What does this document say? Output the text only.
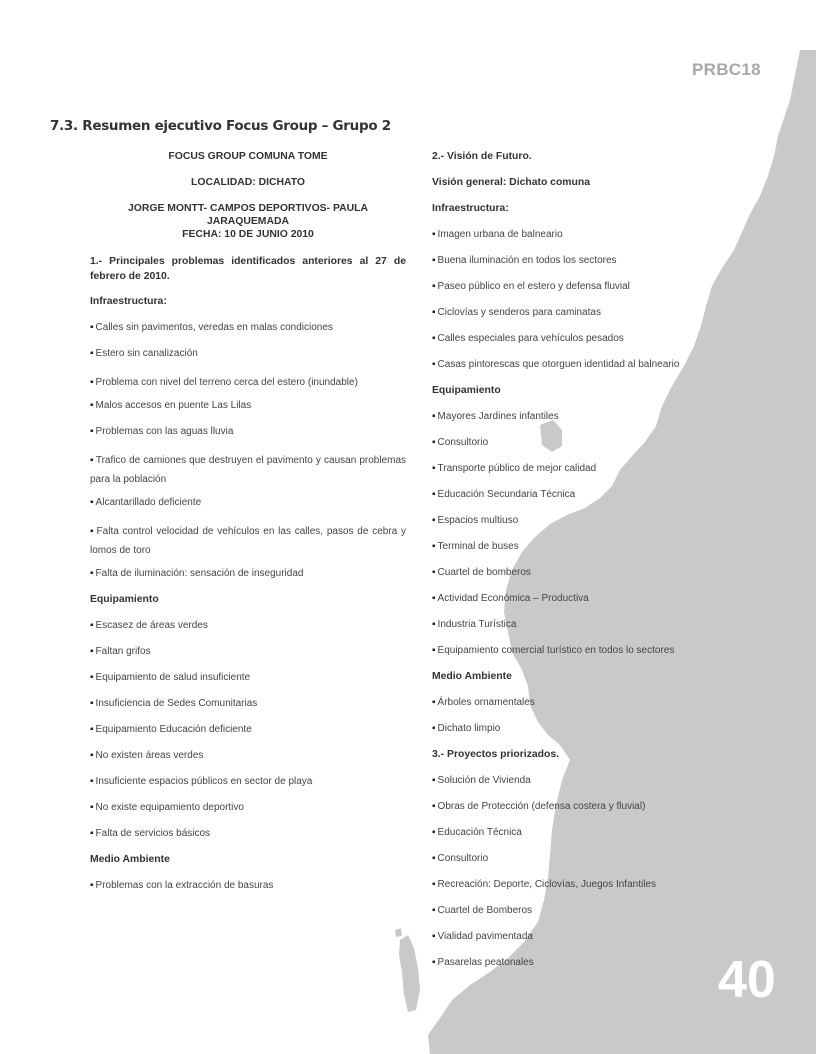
PRBC18
40
7.3. Resumen ejecutivo Focus Group – Grupo 2
FOCUS GROUP COMUNA TOME
LOCALIDAD: DICHATO
JORGE MONTT- CAMPOS DEPORTIVOS- PAULA JARAQUEMADA
FECHA: 10 DE JUNIO 2010
1.- Principales problemas identificados anteriores al 27 de febrero de 2010.
Infraestructura:
▪ Calles sin pavimentos, veredas en malas condiciones
▪ Estero sin canalización
▪ Problema con nivel del terreno cerca del estero (inundable)
▪ Malos accesos en puente Las Lilas
▪ Problemas con las aguas lluvia
▪ Trafico de camiones que destruyen el pavimento y causan problemas para la población
▪ Alcantarillado deficiente
▪ Falta control velocidad de vehículos en las calles, pasos de cebra y lomos de toro
▪ Falta de iluminación: sensación de inseguridad
Equipamiento
▪ Escasez de áreas verdes
▪ Faltan grifos
▪ Equipamiento de salud insuficiente
▪ Insuficiencia de Sedes Comunitarias
▪ Equipamiento Educación deficiente
▪ No existen áreas verdes
▪ Insuficiente espacios públicos en sector de playa
▪ No existe equipamiento deportivo
▪ Falta de servicios básicos
Medio Ambiente
▪ Problemas con la extracción de basuras
2.- Visión de Futuro.
Visión general: Dichato comuna
Infraestructura:
▪ Imagen urbana de balneario
▪ Buena iluminación en todos los sectores
▪ Paseo público en el estero y defensa fluvial
▪ Ciclovías y senderos para caminatas
▪ Calles especiales para vehículos pesados
▪ Casas pintorescas que otorguen identidad al balneario
Equipamiento
▪ Mayores Jardines infantiles
▪ Consultorio
▪ Transporte público de mejor calidad
▪ Educación Secundaria Técnica
▪ Espacios multiuso
▪ Terminal de buses
▪ Cuartel de bomberos
▪ Actividad Económica – Productiva
▪ Industria Turística
▪ Equipamiento comercial turístico en todos lo sectores
Medio Ambiente
▪ Árboles ornamentales
▪ Dichato limpio
3.- Proyectos priorizados.
▪ Solución de Vivienda
▪ Obras de Protección (defensa costera y fluvial)
▪ Educación Técnica
▪ Consultorio
▪ Recreación: Deporte, Ciclovías, Juegos Infantiles
▪ Cuartel de Bomberos
▪ Vialidad pavimentada
▪ Pasarelas peatonales
